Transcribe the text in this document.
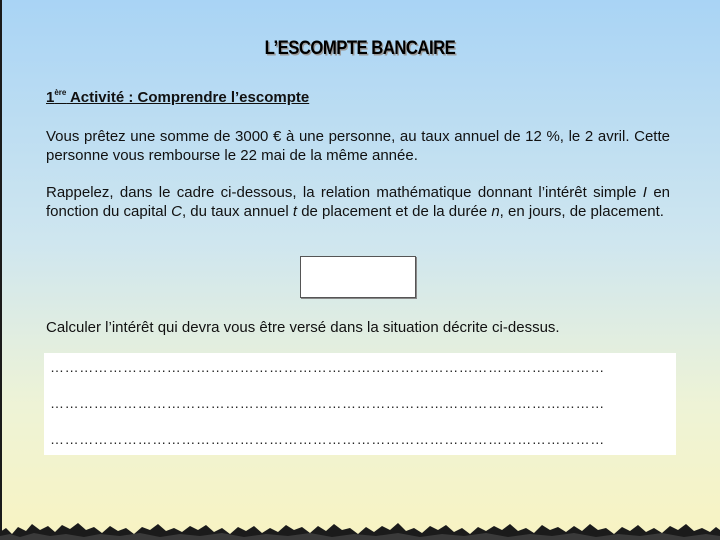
L’ESCOMPTE BANCAIRE
1ère Activité : Comprendre l’escompte
Vous prêtez une somme de 3000 € à une personne, au taux annuel de 12 %, le 2 avril. Cette personne vous rembourse le 22 mai de la même année.
Rappelez, dans le cadre ci-dessous, la relation mathématique donnant l’intérêt simple I en fonction du capital C, du taux annuel t de placement et de la durée n, en jours, de placement.
Calculer l’intérêt qui devra vous être versé dans la situation décrite ci-dessus.
……………………………………………………………………………………………………
……………………………………………………………………………………………………
……………………………………………………………………………………………………
